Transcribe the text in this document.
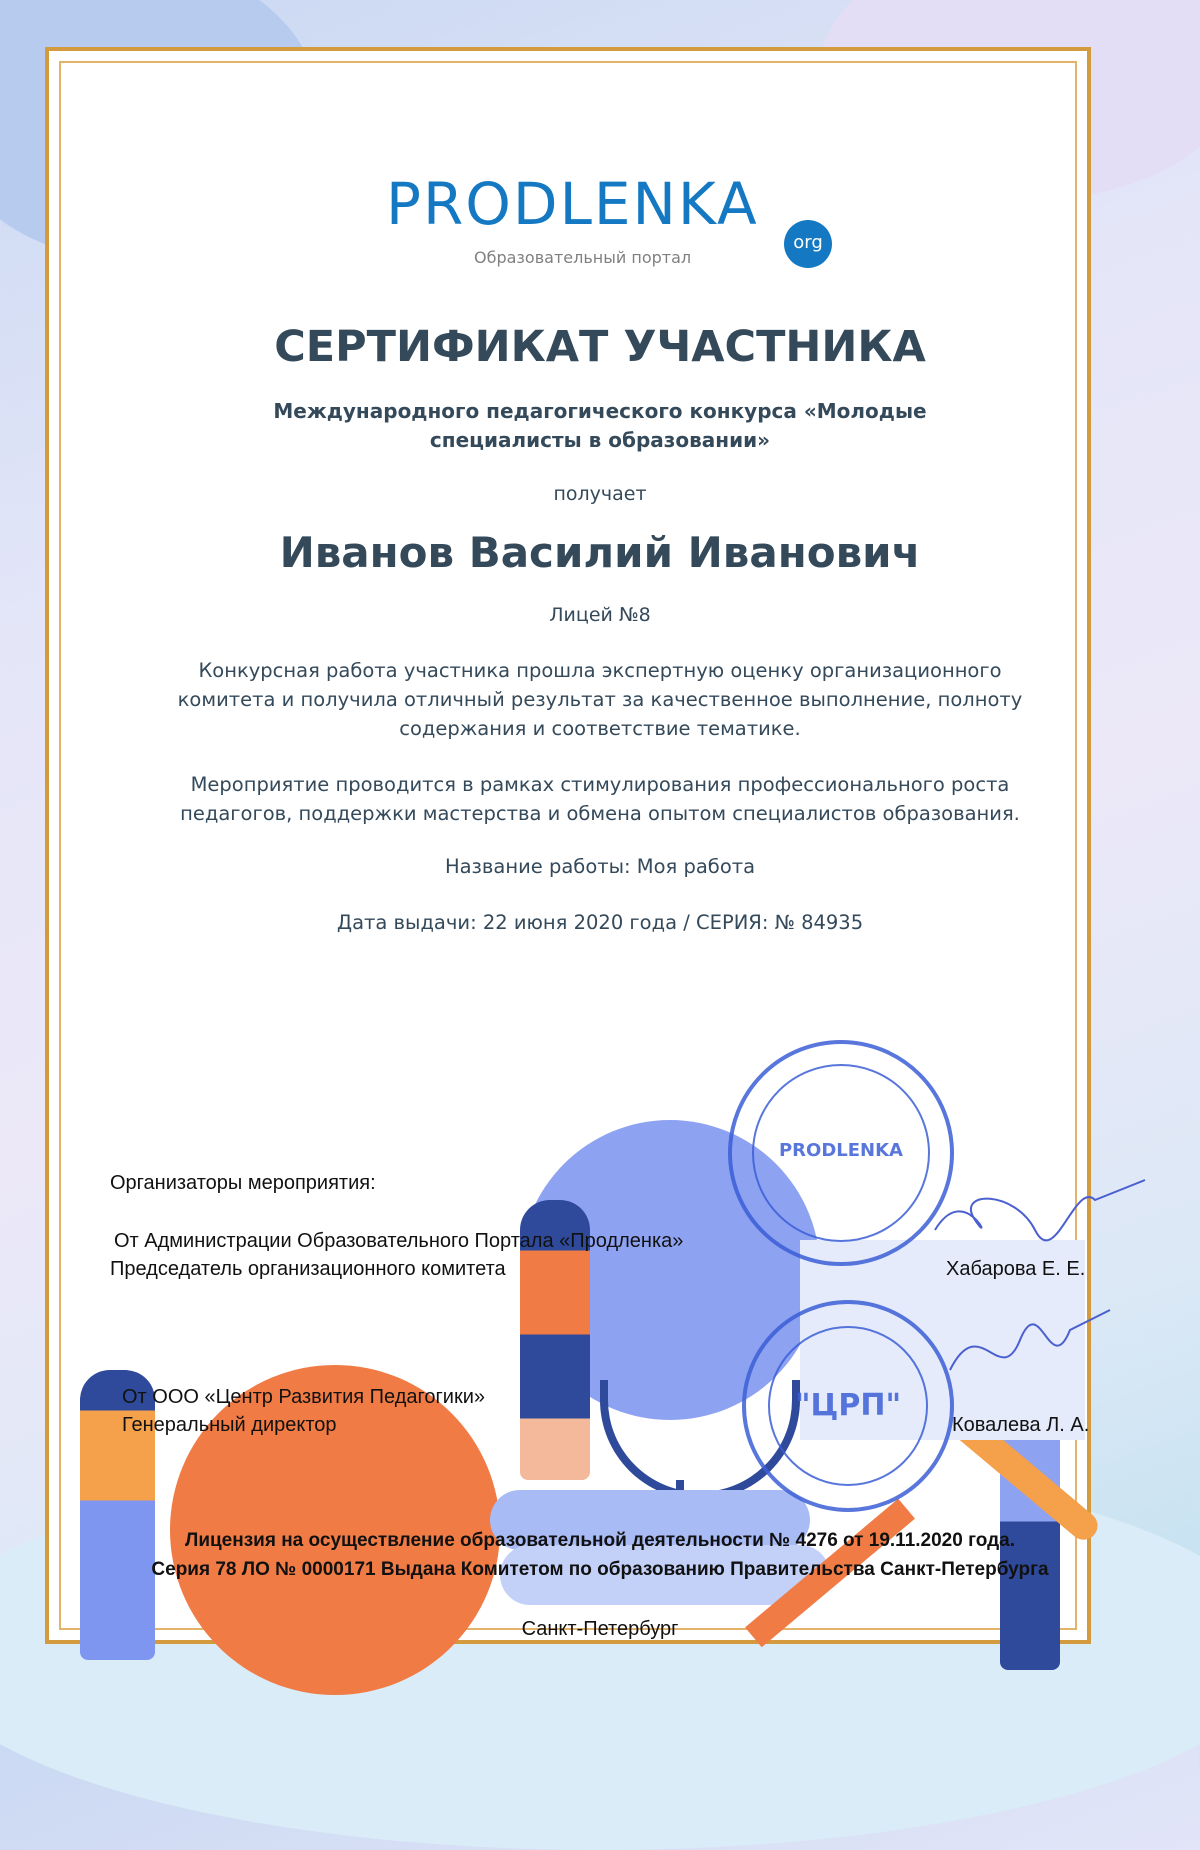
PRODLENKA
org
Образовательный портал
СЕРТИФИКАТ УЧАСТНИКА
Международного педагогического конкурса «Молодые специалисты в образовании»
получает
Иванов Василий Иванович
Лицей №8
Конкурсная работа участника прошла экспертную оценку организационного комитета и получила отличный результат за качественное выполнение, полноту содержания и соответствие тематике.
Мероприятие проводится в рамках стимулирования профессионального роста педагогов, поддержки мастерства и обмена опытом специалистов образования.
Название работы: Моя работа
Дата выдачи: 22 июня 2020 года / СЕРИЯ: № 84935
PRODLENKA
"ЦРП"
Организаторы мероприятия:
От Администрации Образовательного Портала «Продленка»
Председатель организационного комитета	Хабарова Е. Е.
От ООО «Центр Развития Педагогики»
Генеральный директор	Ковалева Л. А.
Лицензия на осуществление образовательной деятельности № 4276 от 19.11.2020 года.
Серия 78 ЛО № 0000171 Выдана Комитетом по образованию Правительства Санкт-Петербурга
Санкт-Петербург
